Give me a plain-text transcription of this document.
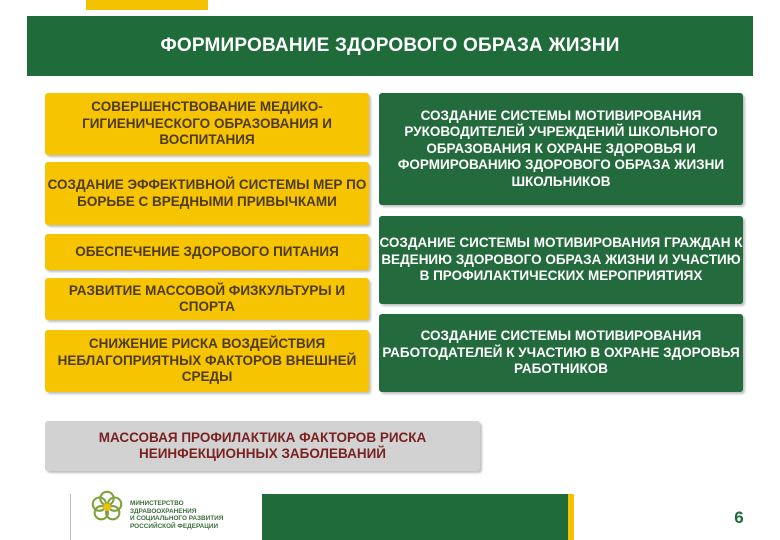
ФОРМИРОВАНИЕ ЗДОРОВОГО ОБРАЗА ЖИЗНИ
СОВЕРШЕНСТВОВАНИЕ МЕДИКО-ГИГИЕНИЧЕСКОГО ОБРАЗОВАНИЯ И ВОСПИТАНИЯ
СОЗДАНИЕ ЭФФЕКТИВНОЙ СИСТЕМЫ МЕР ПО БОРЬБЕ С ВРЕДНЫМИ ПРИВЫЧКАМИ
ОБЕСПЕЧЕНИЕ ЗДОРОВОГО ПИТАНИЯ
РАЗВИТИЕ МАССОВОЙ ФИЗКУЛЬТУРЫ И СПОРТА
СНИЖЕНИЕ РИСКА ВОЗДЕЙСТВИЯ НЕБЛАГОПРИЯТНЫХ ФАКТОРОВ ВНЕШНЕЙ СРЕДЫ
СОЗДАНИЕ СИСТЕМЫ МОТИВИРОВАНИЯ РУКОВОДИТЕЛЕЙ УЧРЕЖДЕНИЙ ШКОЛЬНОГО ОБРАЗОВАНИЯ К ОХРАНЕ ЗДОРОВЬЯ И ФОРМИРОВАНИЮ ЗДОРОВОГО ОБРАЗА ЖИЗНИ ШКОЛЬНИКОВ
СОЗДАНИЕ СИСТЕМЫ МОТИВИРОВАНИЯ ГРАЖДАН К ВЕДЕНИЮ ЗДОРОВОГО ОБРАЗА ЖИЗНИ И УЧАСТИЮ В ПРОФИЛАКТИЧЕСКИХ МЕРОПРИЯТИЯХ
СОЗДАНИЕ СИСТЕМЫ МОТИВИРОВАНИЯ РАБОТОДАТЕЛЕЙ К УЧАСТИЮ В ОХРАНЕ ЗДОРОВЬЯ РАБОТНИКОВ
МАССОВАЯ ПРОФИЛАКТИКА ФАКТОРОВ РИСКА НЕИНФЕКЦИОННЫХ ЗАБОЛЕВАНИЙ
МИНИСТЕРСТВО
ЗДРАВООХРАНЕНИЯ
И СОЦИАЛЬНОГО РАЗВИТИЯ
РОССИЙСКОЙ ФЕДЕРАЦИИ	6
